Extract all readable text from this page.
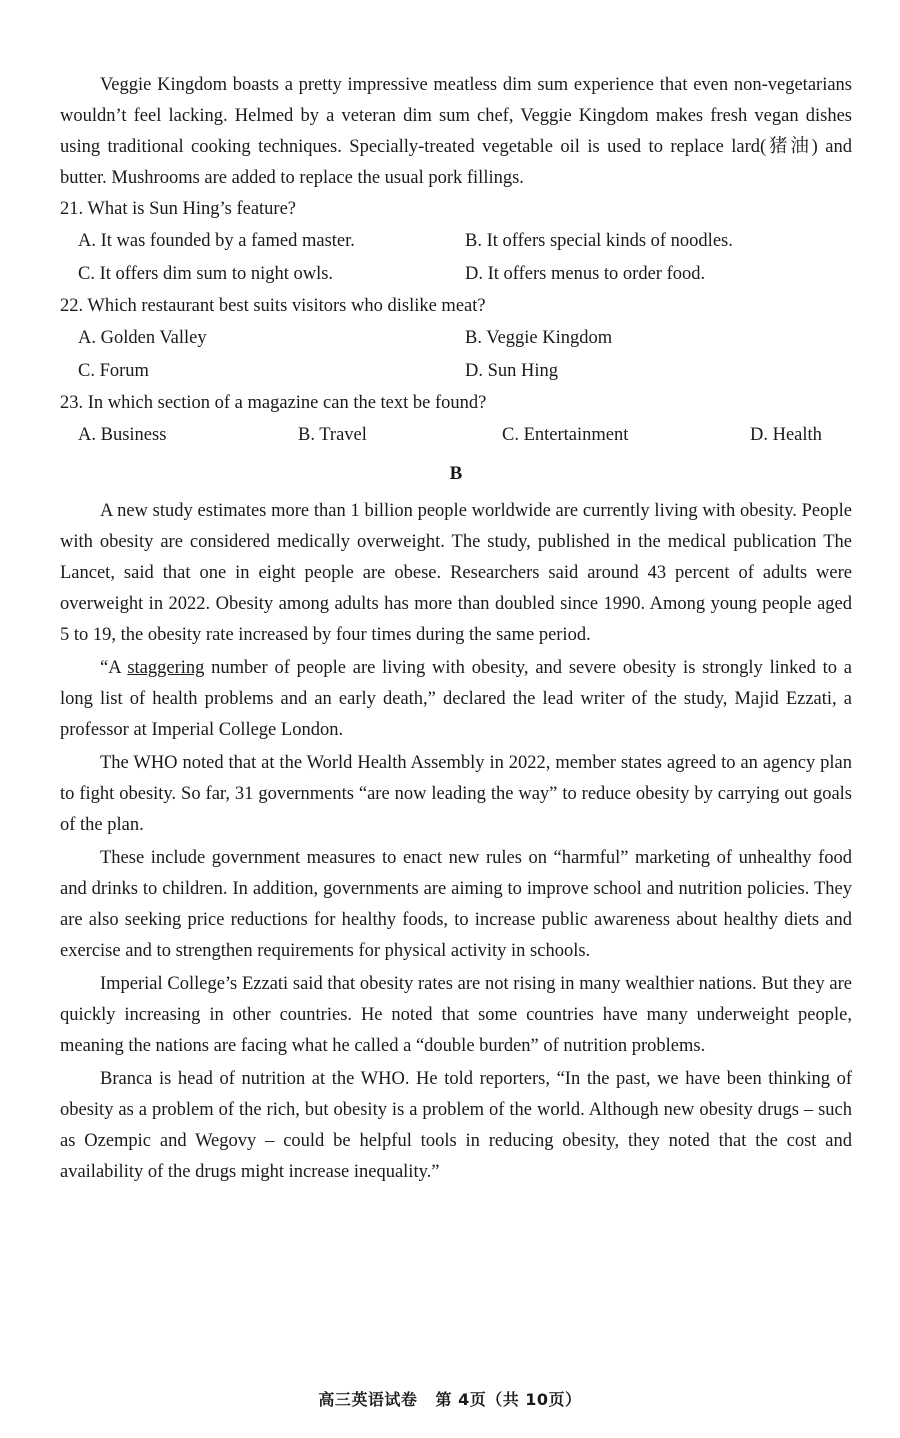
Veggie Kingdom boasts a pretty impressive meatless dim sum experience that even non-vegetarians wouldn’t feel lacking. Helmed by a veteran dim sum chef, Veggie Kingdom makes fresh vegan dishes using traditional cooking techniques. Specially-treated vegetable oil is used to replace lard(猪油) and butter. Mushrooms are added to replace the usual pork fillings.

21. What is Sun Hing’s feature?

A. It was founded by a famed master.	B. It offers special kinds of noodles.
C. It offers dim sum to night owls.	D. It offers menus to order food.

22. Which restaurant best suits visitors who dislike meat?

A. Golden Valley	B. Veggie Kingdom
C. Forum	D. Sun Hing

23. In which section of a magazine can the text be found?

A. Business	B. Travel	C. Entertainment	D. Health
B

A new study estimates more than 1 billion people worldwide are currently living with obesity. People with obesity are considered medically overweight. The study, published in the medical publication The Lancet, said that one in eight people are obese. Researchers said around 43 percent of adults were overweight in 2022. Obesity among adults has more than doubled since 1990. Among young people aged 5 to 19, the obesity rate increased by four times during the same period.

“A staggering number of people are living with obesity, and severe obesity is strongly linked to a long list of health problems and an early death,” declared the lead writer of the study, Majid Ezzati, a professor at Imperial College London.

The WHO noted that at the World Health Assembly in 2022, member states agreed to an agency plan to fight obesity. So far, 31 governments “are now leading the way” to reduce obesity by carrying out goals of the plan.

These include government measures to enact new rules on “harmful” marketing of unhealthy food and drinks to children. In addition, governments are aiming to improve school and nutrition policies. They are also seeking price reductions for healthy foods, to increase public awareness about healthy diets and exercise and to strengthen requirements for physical activity in schools.

Imperial College’s Ezzati said that obesity rates are not rising in many wealthier nations. But they are quickly increasing in other countries. He noted that some countries have many underweight people, meaning the nations are facing what he called a “double burden” of nutrition problems.

Branca is head of nutrition at the WHO. He told reporters, “In the past, we have been thinking of obesity as a problem of the rich, but obesity is a problem of the world. Although new obesity drugs – such as Ozempic and Wegovy – could be helpful tools in reducing obesity, they noted that the cost and availability of the drugs might increase inequality.”

高三英语试卷 第 4页（共 10页）
